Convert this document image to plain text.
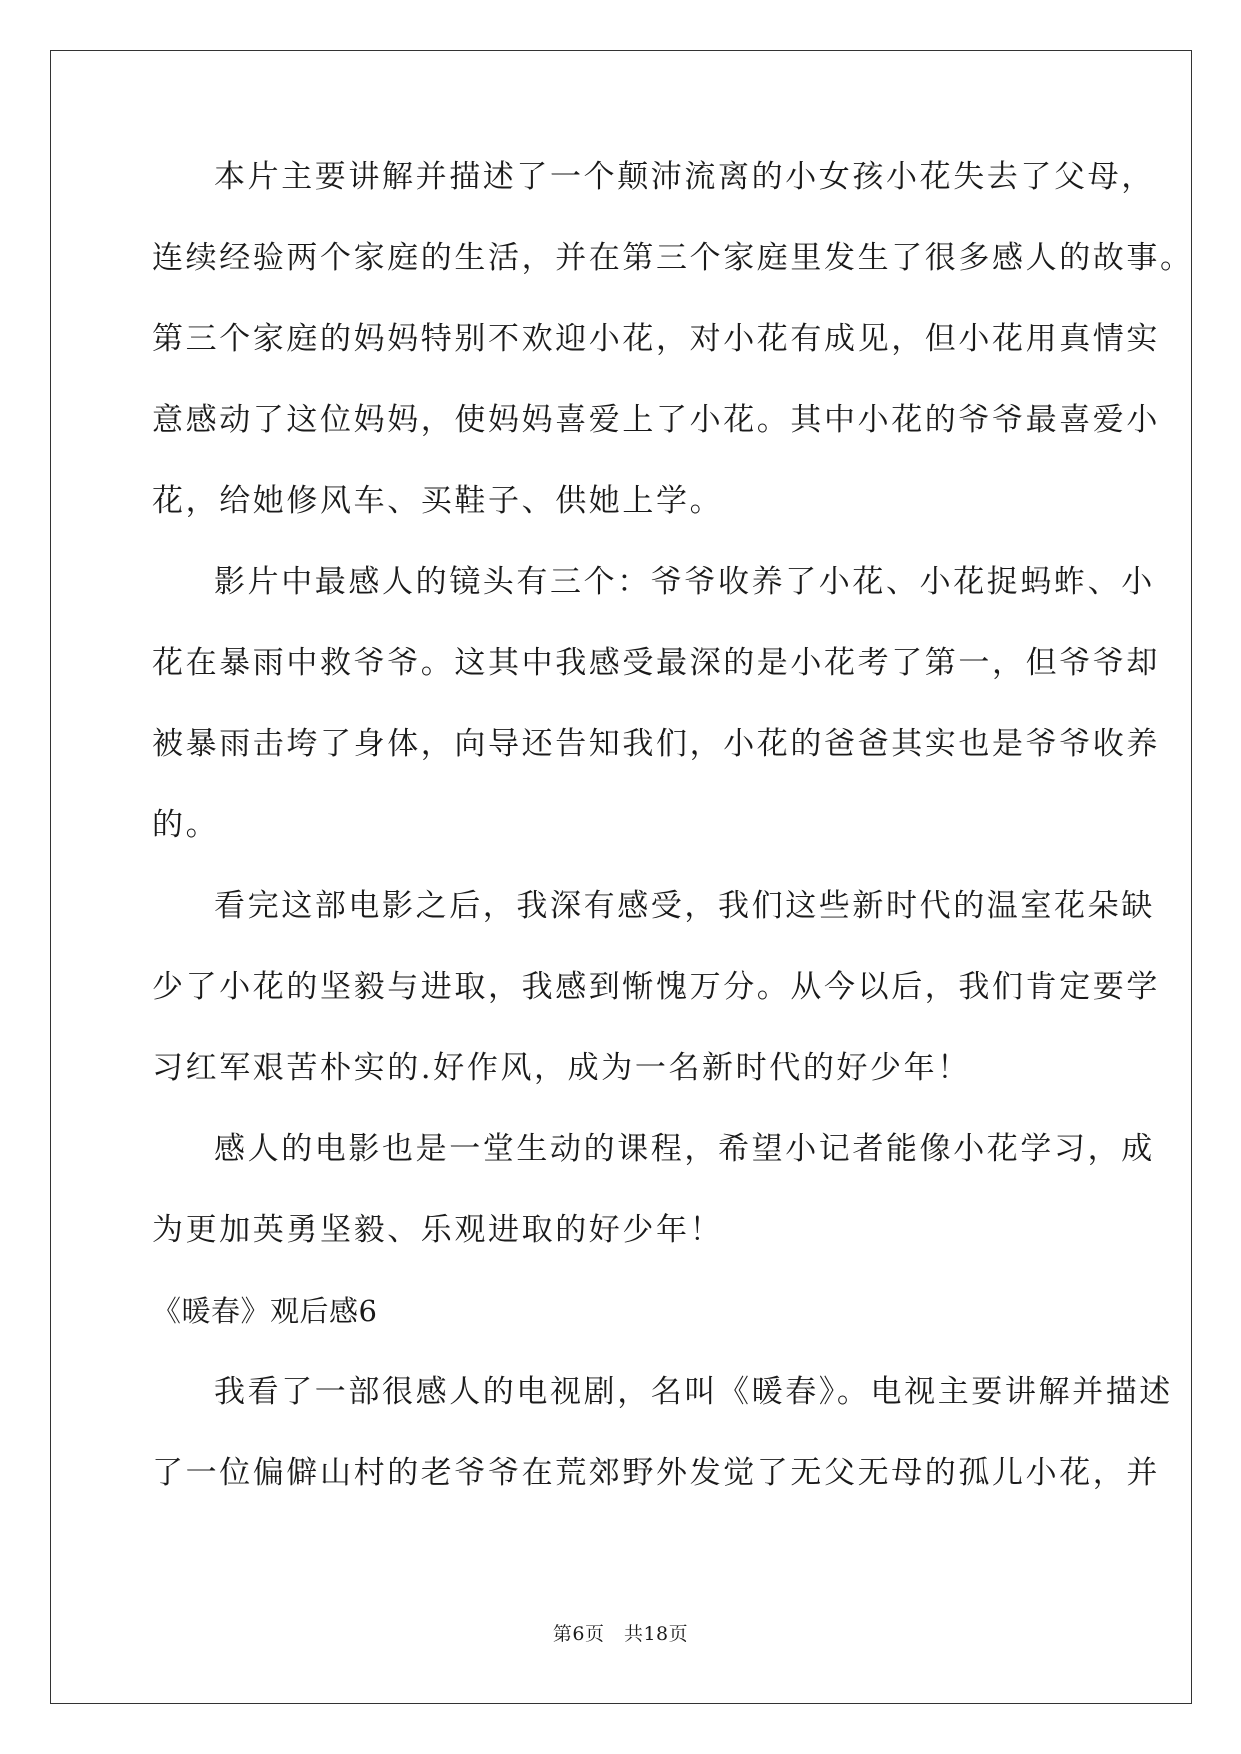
本片主要讲解并描述了一个颠沛流离的小女孩小花失去了父母，
连续经验两个家庭的生活，并在第三个家庭里发生了很多感人的故事。
第三个家庭的妈妈特别不欢迎小花，对小花有成见，但小花用真情实
意感动了这位妈妈，使妈妈喜爱上了小花。其中小花的爷爷最喜爱小
花，给她修风车、买鞋子、供她上学。
影片中最感人的镜头有三个：爷爷收养了小花、小花捉蚂蚱、小
花在暴雨中救爷爷。这其中我感受最深的是小花考了第一，但爷爷却
被暴雨击垮了身体，向导还告知我们，小花的爸爸其实也是爷爷收养
的。
看完这部电影之后，我深有感受，我们这些新时代的温室花朵缺
少了小花的坚毅与进取，我感到惭愧万分。从今以后，我们肯定要学
习红军艰苦朴实的.好作风，成为一名新时代的好少年！
感人的电影也是一堂生动的课程，希望小记者能像小花学习，成
为更加英勇坚毅、乐观进取的好少年！
《暖春》观后感6
我看了一部很感人的电视剧，名叫《暖春》。电视主要讲解并描述
了一位偏僻山村的老爷爷在荒郊野外发觉了无父无母的孤儿小花，并
第6页　共18页
